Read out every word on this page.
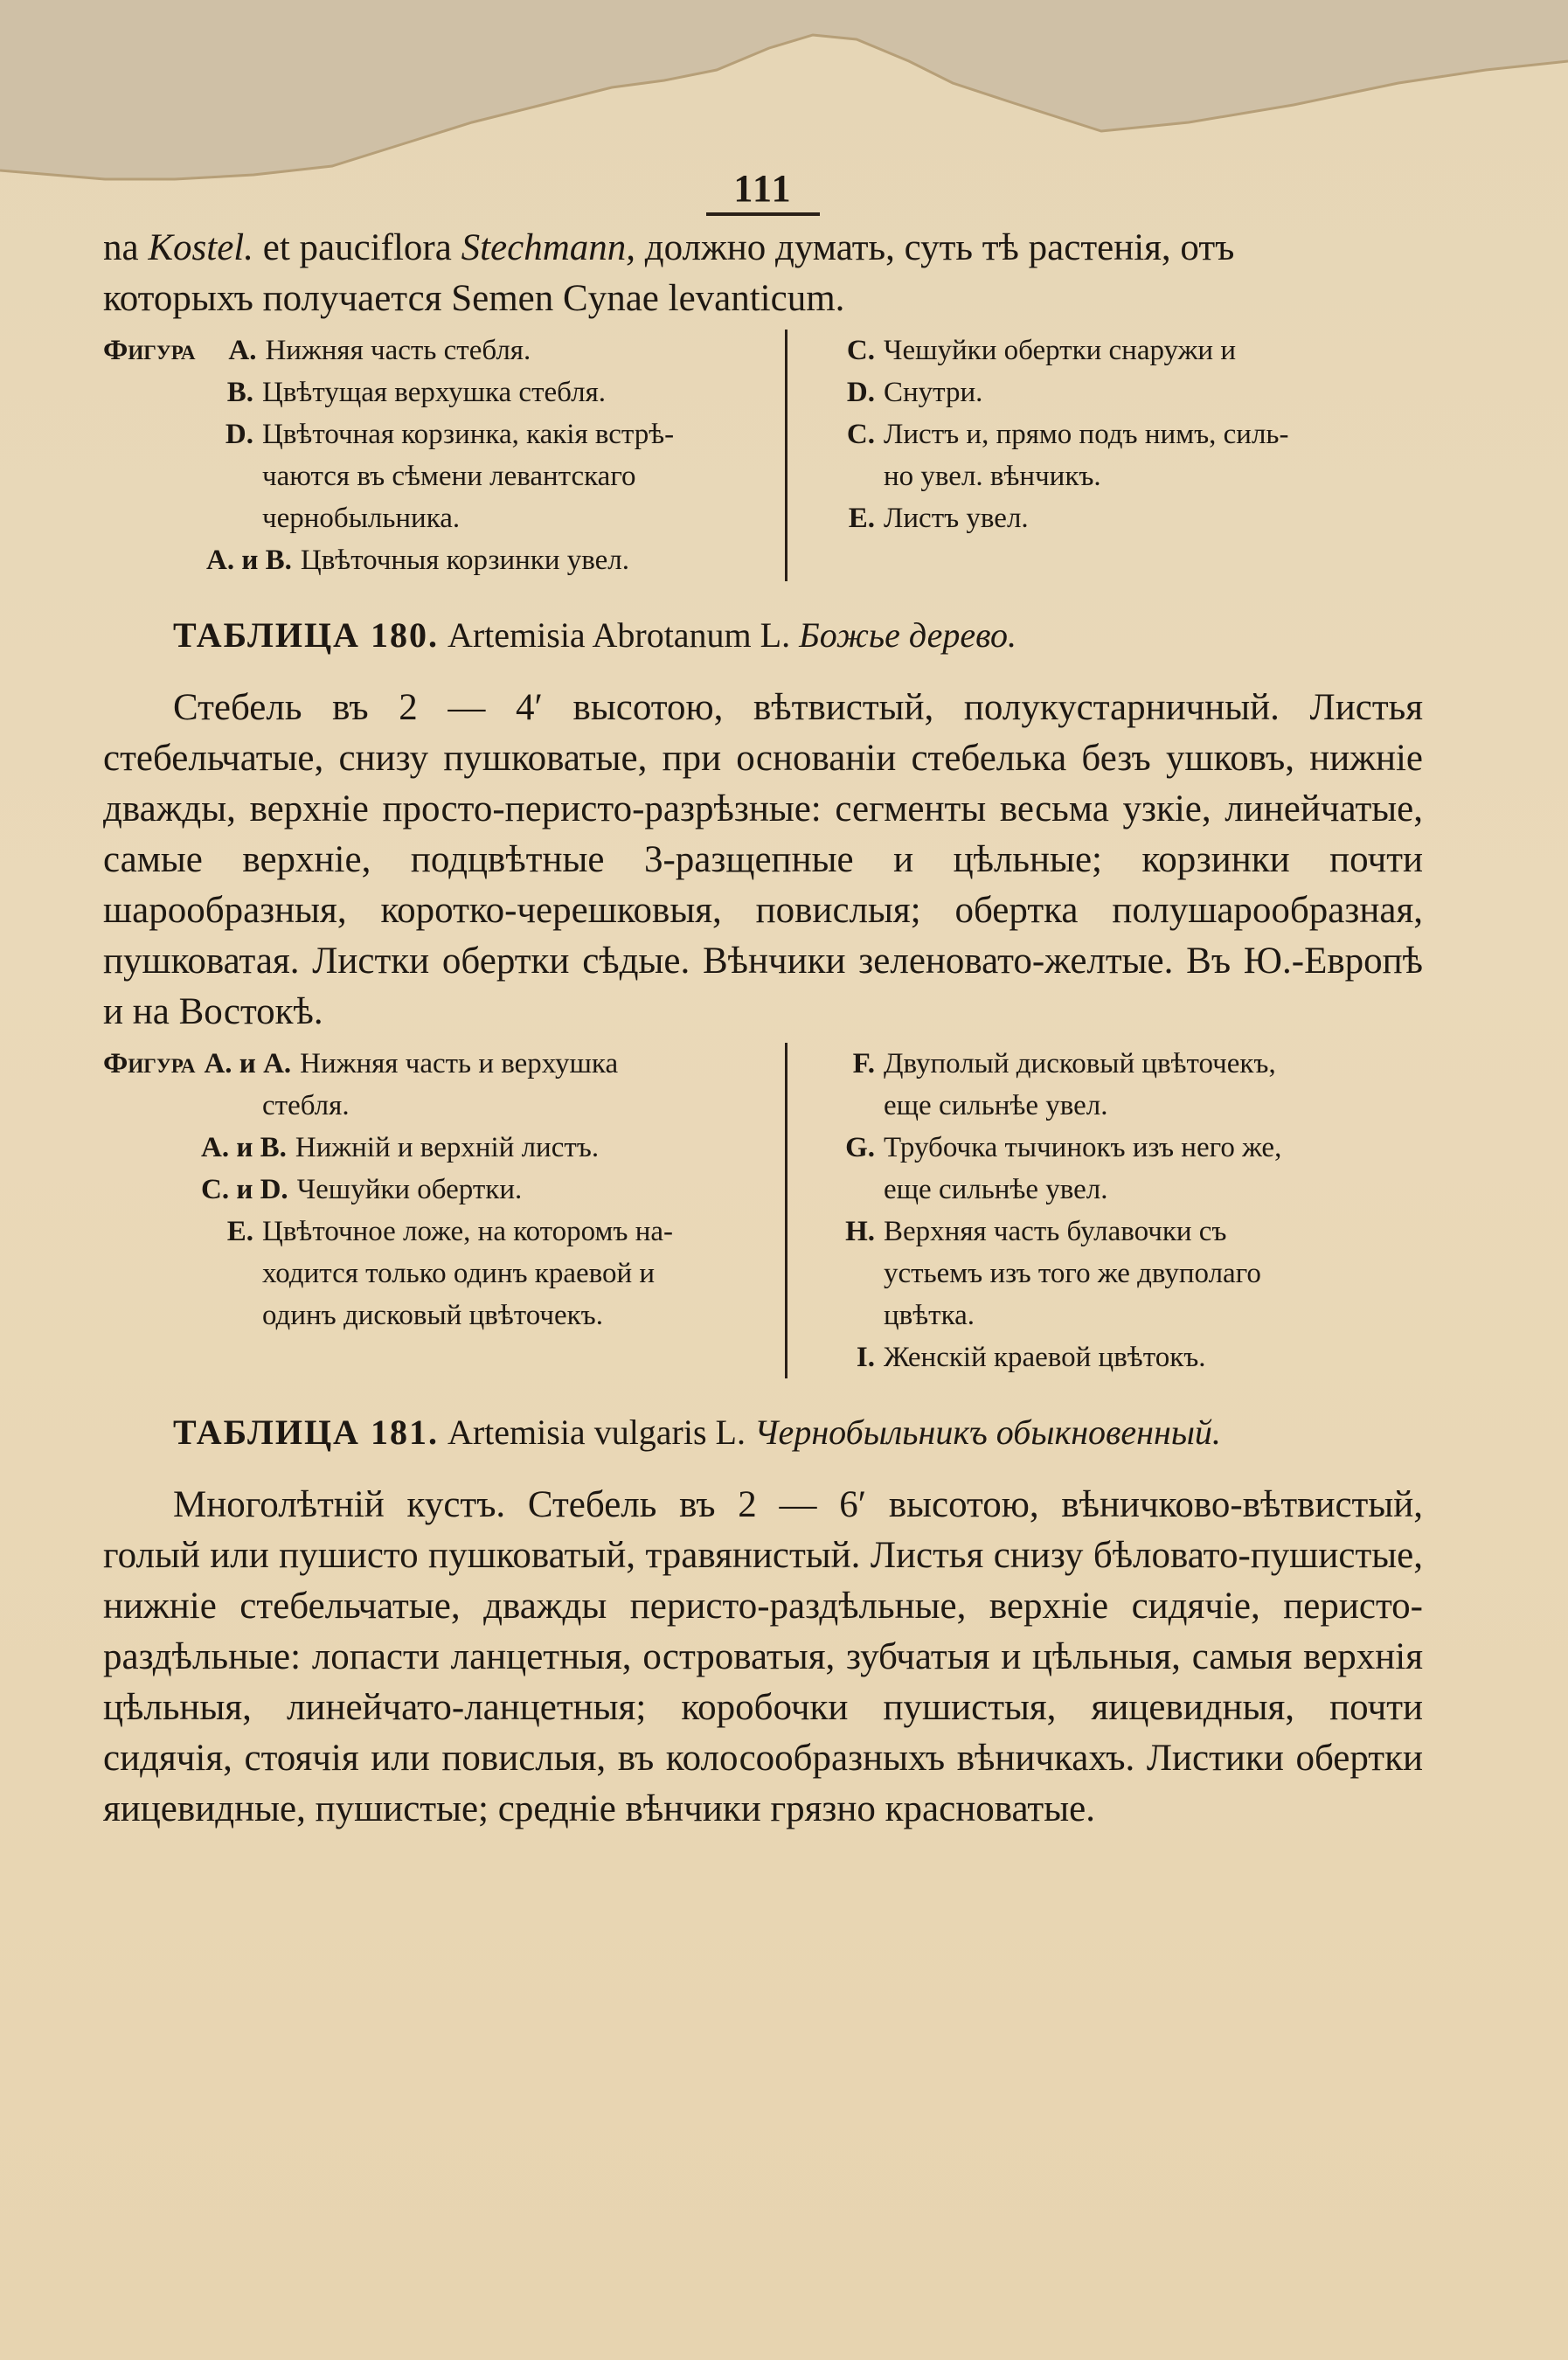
111

na Kostel. et pauciflora Stechmann, должно думать, суть тѣ растенія, отъ
которыхъ получается Semen Cynae levanticum.

Фигура	A. Нижняя часть стебля.
B. Цвѣтущая верхушка стебля.
D. Цвѣточная корзинка, какія встрѣ-
чаются въ сѣмени левантскаго
чернобыльника.
A. и B. Цвѣточныя корзинки увел.
C. Чешуйки обертки снаружи и
D. Снутри.
C. Листъ и, прямо подъ нимъ, силь-
но увел. вѣнчикъ.
E. Листъ увел.
ТАБЛИЦА 180. Artemisia Abrotanum L. Божье дерево.

Стебель въ 2 — 4′ высотою, вѣтвистый, полукустарничный. Листья стебельчатые, снизу пушковатые, при основаніи стебелька безъ ушковъ, нижніе дважды, верхніе просто-перисто-разрѣзные: сегменты весьма узкіе, линейчатые, самые верхніе, подцвѣтные 3-разщепные и цѣльные; корзинки почти шарообразныя, коротко-черешковыя, повислыя; обертка полушарообразная, пушковатая. Листки обертки сѣдые. Вѣнчики зеленовато-желтые. Въ Ю.-Европѣ и на Востокѣ.

Фигура A. и A. Нижняя часть и верхушка
стебля.
A. и B. Нижній и верхній листъ.
C. и D. Чешуйки обертки.
E. Цвѣточное ложе, на которомъ на-
ходится только одинъ краевой и
одинъ дисковый цвѣточекъ.
F. Двуполый дисковый цвѣточекъ,
еще сильнѣе увел.
G. Трубочка тычинокъ изъ него же,
еще сильнѣе увел.
H. Верхняя часть булавочки съ
устьемъ изъ того же двуполаго
цвѣтка.
I. Женскій краевой цвѣтокъ.
ТАБЛИЦА 181. Artemisia vulgaris L. Чернобыльникъ обыкновенный.

Многолѣтній кустъ. Стебель въ 2 — 6′ высотою, вѣничково-вѣтвистый, голый или пушисто пушковатый, травянистый. Листья снизу бѣловато-пушистые, нижніе стебельчатые, дважды перисто-раздѣльные, верхніе сидячіе, перисто-раздѣльные: лопасти ланцетныя, островатыя, зубчатыя и цѣльныя, самыя верхнія цѣльныя, линейчато-ланцетныя; коробочки пушистыя, яицевидныя, почти сидячія, стоячія или повислыя, въ колосообразныхъ вѣничкахъ. Листики обертки яицевидные, пушистые; средніе вѣнчики грязно красноватые.
